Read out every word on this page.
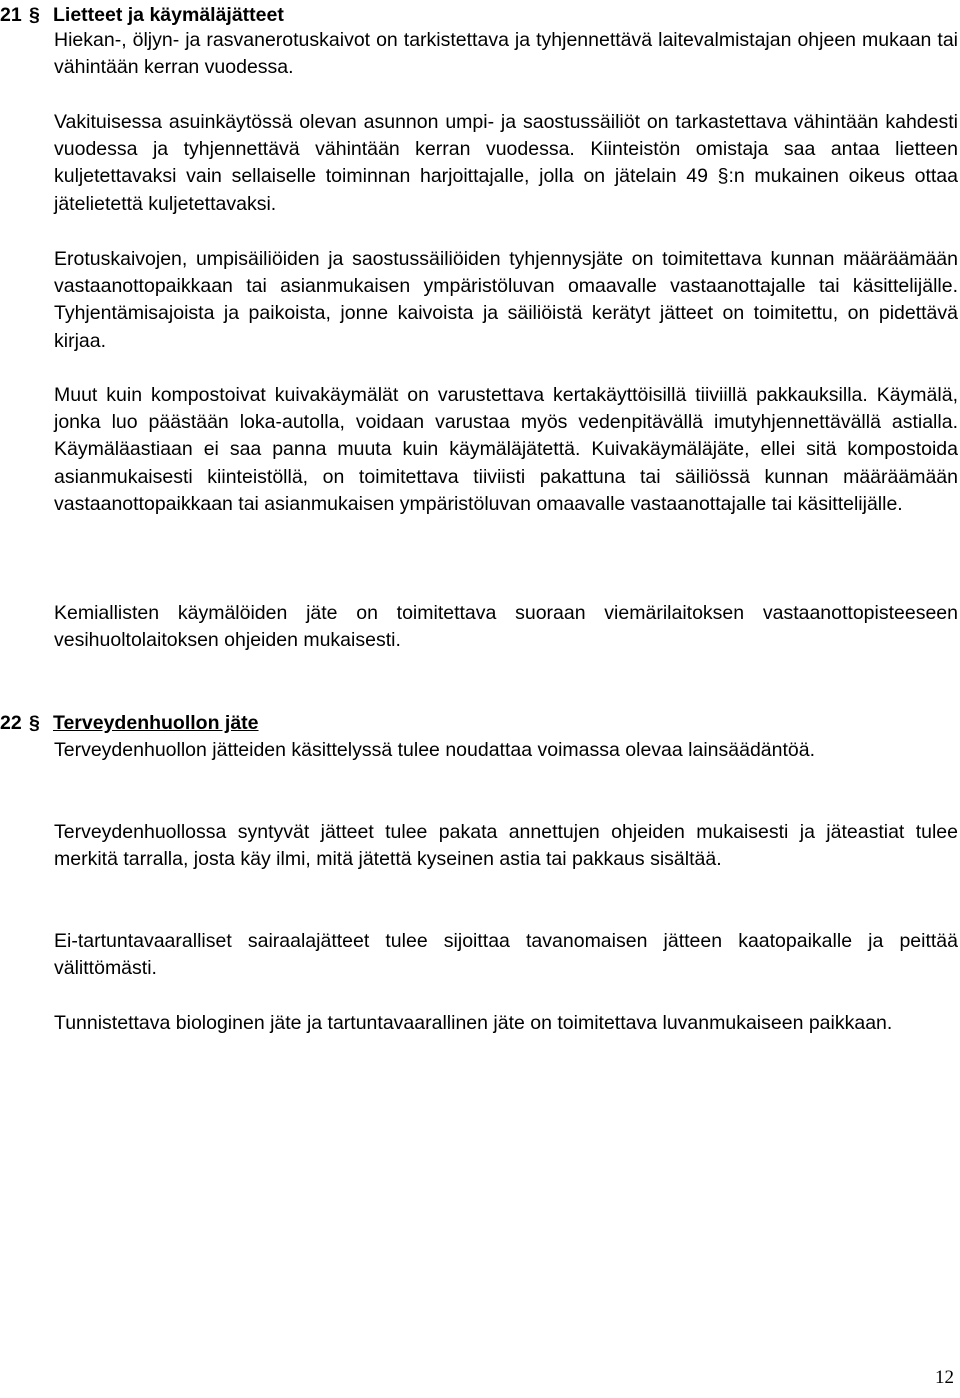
21 § Lietteet ja käymäläjätteet

Hiekan-, öljyn- ja rasvanerotuskaivot on tarkistettava ja tyhjennettävä laitevalmistajan ohjeen mukaan tai vähintään kerran vuodessa.

Vakituisessa asuinkäytössä olevan asunnon umpi- ja saostussäiliöt on tarkastettava vähintään kahdesti vuodessa ja tyhjennettävä vähintään kerran vuodessa. Kiinteistön omistaja saa antaa lietteen kuljetettavaksi vain sellaiselle toiminnan harjoittajalle, jolla on jätelain 49 §:n mukainen oikeus ottaa jätelietettä kuljetettavaksi.

Erotuskaivojen, umpisäiliöiden ja saostussäiliöiden tyhjennysjäte on toimitettava kunnan määräämään vastaanottopaikkaan tai asianmukaisen ympäristöluvan omaavalle vastaanottajalle tai käsittelijälle. Tyhjentämisajoista ja paikoista, jonne kaivoista ja säiliöistä kerätyt jätteet on toimitettu, on pidettävä kirjaa.

Muut kuin kompostoivat kuivakäymälät on varustettava kertakäyttöisillä tiiviillä pakkauksilla. Käymälä, jonka luo päästään loka-autolla, voidaan varustaa myös vedenpitävällä imutyhjennettävällä astialla. Käymäläastiaan ei saa panna muuta kuin käymäläjätettä. Kuivakäymäläjäte, ellei sitä kompostoida asianmukaisesti kiinteistöllä, on toimitettava tiiviisti pakattuna tai säiliössä kunnan määräämään vastaanottopaikkaan tai asianmukaisen ympäristöluvan omaavalle vastaanottajalle tai käsittelijälle.

Kemiallisten käymälöiden jäte on toimitettava suoraan viemärilaitoksen vastaanottopisteeseen vesihuoltolaitoksen ohjeiden mukaisesti.

22 § Terveydenhuollon jäte

Terveydenhuollon jätteiden käsittelyssä tulee noudattaa voimassa olevaa lainsäädäntöä.

Terveydenhuollossa syntyvät jätteet tulee pakata annettujen ohjeiden mukaisesti ja jäteastiat tulee merkitä tarralla, josta käy ilmi, mitä jätettä kyseinen astia tai pakkaus sisältää.

Ei-tartuntavaaralliset sairaalajätteet tulee sijoittaa tavanomaisen jätteen kaatopaikalle ja peittää välittömästi.

Tunnistettava biologinen jäte ja tartuntavaarallinen jäte on toimitettava luvanmukaiseen paikkaan.

12
